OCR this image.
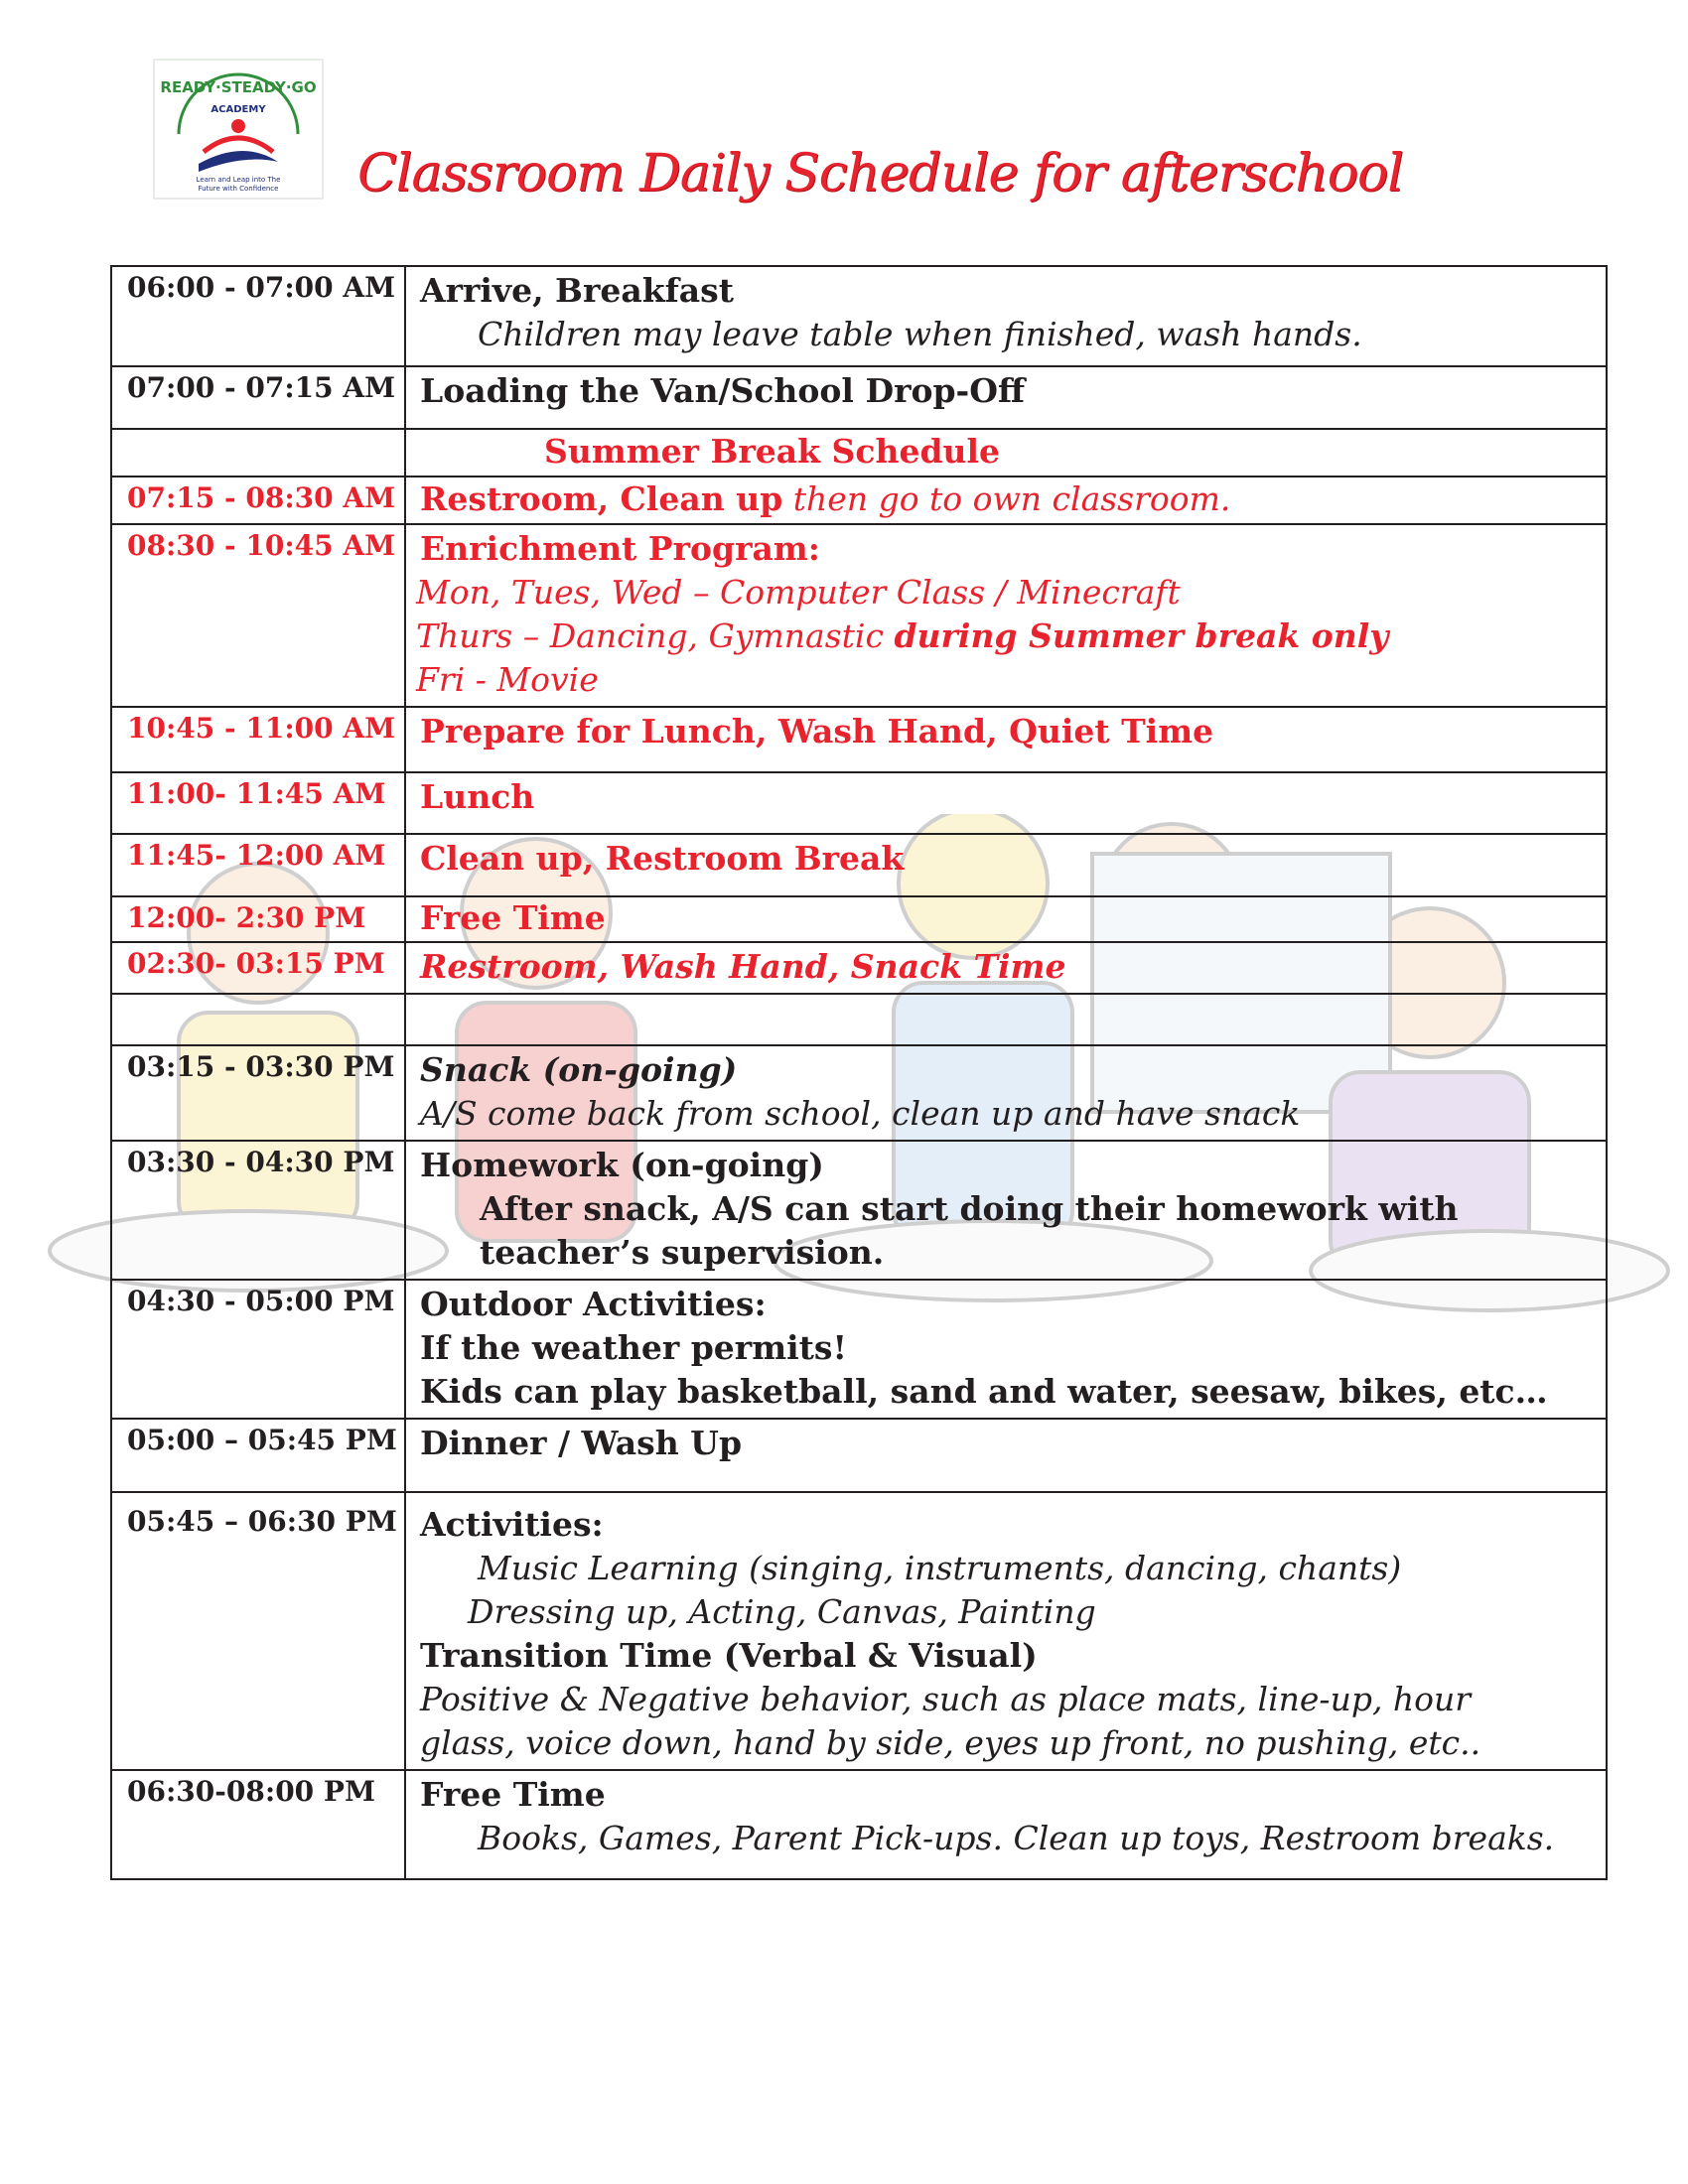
READY·STEADY·GO
ACADEMY
Learn and Leap into The
Future with Confidence Classroom Daily Schedule for afterschool
06:00 - 07:00 AM	Arrive, Breakfast
Children may leave table when finished, wash hands.

07:00 - 07:15 AM	Loading the Van/School Drop-Off

	Summer Break Schedule

07:15 - 08:30 AM	Restroom, Clean up then go to own classroom.
08:30 - 10:45 AM	Enrichment Program:
Mon, Tues, Wed – Computer Class / Minecraft
Thurs – Dancing, Gymnastic during Summer break only
Fri - Movie

10:45 - 11:00 AM	Prepare for Lunch, Wash Hand, Quiet Time

11:00- 11:45 AM	Lunch

11:45- 12:00 AM	Clean up, Restroom Break

12:00- 2:30 PM	Free Time

02:30- 03:15 PM	Restroom, Wash Hand, Snack Time

03:15 - 03:30 PM	Snack (on-going)
A/S come back from school, clean up and have snack

03:30 - 04:30 PM	Homework (on-going)
After snack, A/S can start doing their homework with teacher’s supervision.

04:30 - 05:00 PM	Outdoor Activities:
If the weather permits!
Kids can play basketball, sand and water, seesaw, bikes, etc…

05:00 – 05:45 PM	Dinner / Wash Up

05:45 – 06:30 PM	Activities:
Music Learning (singing, instruments, dancing, chants)
Dressing up, Acting, Canvas, Painting
Transition Time (Verbal & Visual)
Positive & Negative behavior, such as place mats, line-up, hour glass, voice down, hand by side, eyes up front, no pushing, etc..

06:30-08:00 PM	Free Time
Books, Games, Parent Pick-ups. Clean up toys, Restroom breaks.
